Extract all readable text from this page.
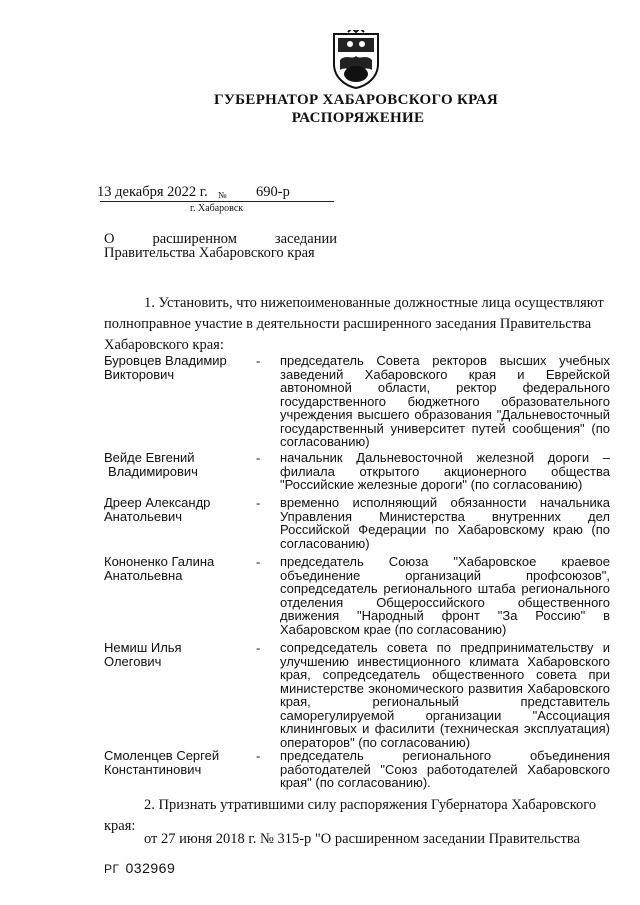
ГУБЕРНАТОР ХАБАРОВСКОГО КРАЯ
РАСПОРЯЖЕНИЕ
13 декабря 2022 г. № 690-р
г. Хабаровск
О	расширенном	заседании
Правительства Хабаровского края
1. Установить, что нижепоименованные должностные лица осуществляют
полноправное участие в деятельности расширенного заседания Правительства
Хабаровского края:
Буровцев Владимир
Викторович
- председатель Совета ректоров высших учебных заведений Хабаровского края и Еврейской автономной области, ректор федерального государственного бюджетного образовательного учреждения высшего образования "Дальневосточный государственный университет путей сообщения" (по согласованию)
Вейде Евгений
Владимирович
- начальник Дальневосточной железной дороги – филиала открытого акционерного общества "Российские железные дороги" (по согласованию)
Дреер Александр
Анатольевич
- временно исполняющий обязанности начальника Управления Министерства внутренних дел Российской Федерации по Хабаровскому краю (по согласованию)
Кононенко Галина
Анатольевна
- председатель Союза "Хабаровское краевое объединение организаций профсоюзов", сопредседатель регионального штаба регионального отделения Общероссийского общественного движения "Народный фронт "За Россию" в Хабаровском крае (по согласованию)
Немиш Илья
Олегович
- сопредседатель совета по предпринимательству и улучшению инвестиционного климата Хабаровского края, сопредседатель общественного совета при министерстве экономического развития Хабаровского края, региональный представитель саморегулируемой организации "Ассоциация клининговых и фасилити (техническая эксплуатация) операторов" (по согласованию)
Смоленцев Сергей
Константинович
- председатель регионального объединения работодателей "Союз работодателей Хабаровского края" (по согласованию).
2. Признать утратившими силу распоряжения Губернатора Хабаровского
края:
от 27 июня 2018 г. № 315-р "О расширенном заседании Правительства
РГ 032969
